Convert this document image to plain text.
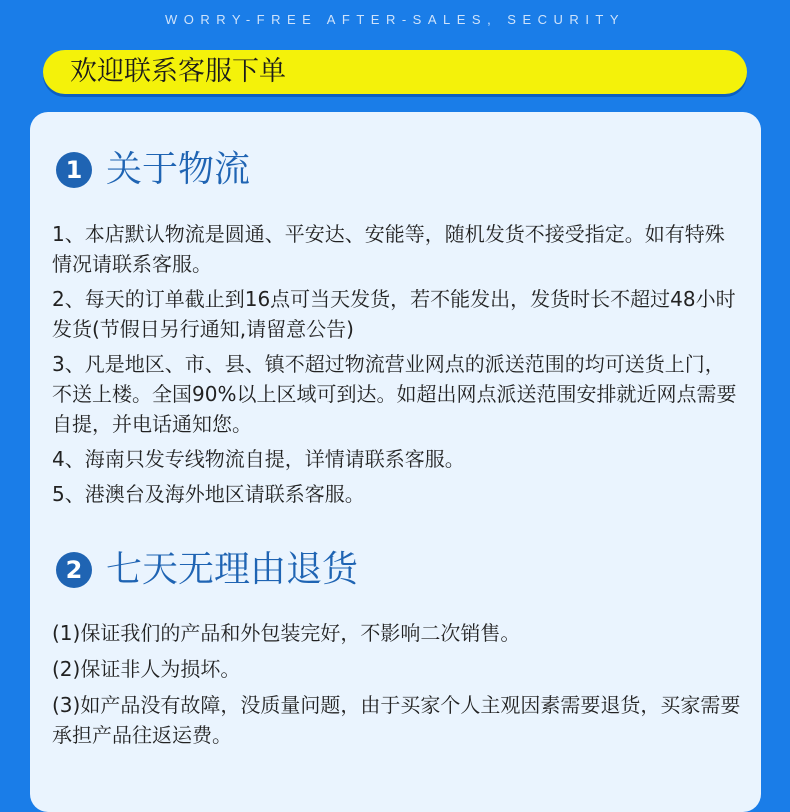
WORRY-FREE AFTER-SALES, SECURITY
欢迎联系客服下单
1 关于物流

1、本店默认物流是圆通、平安达、安能等，随机发货不接受指定。如有特殊情况请联系客服。

2、每天的订单截止到16点可当天发货，若不能发出，发货时长不超过48小时发货(节假日另行通知,请留意公告)

3、凡是地区、市、县、镇不超过物流营业网点的派送范围的均可送货上门，不送上楼。全国90%以上区域可到达。如超出网点派送范围安排就近网点需要自提，并电话通知您。

4、海南只发专线物流自提，详情请联系客服。

5、港澳台及海外地区请联系客服。

2 七天无理由退货

(1)保证我们的产品和外包装完好，不影响二次销售。

(2)保证非人为损坏。

(3)如产品没有故障，没质量问题，由于买家个人主观因素需要退货，买家需要承担产品往返运费。
